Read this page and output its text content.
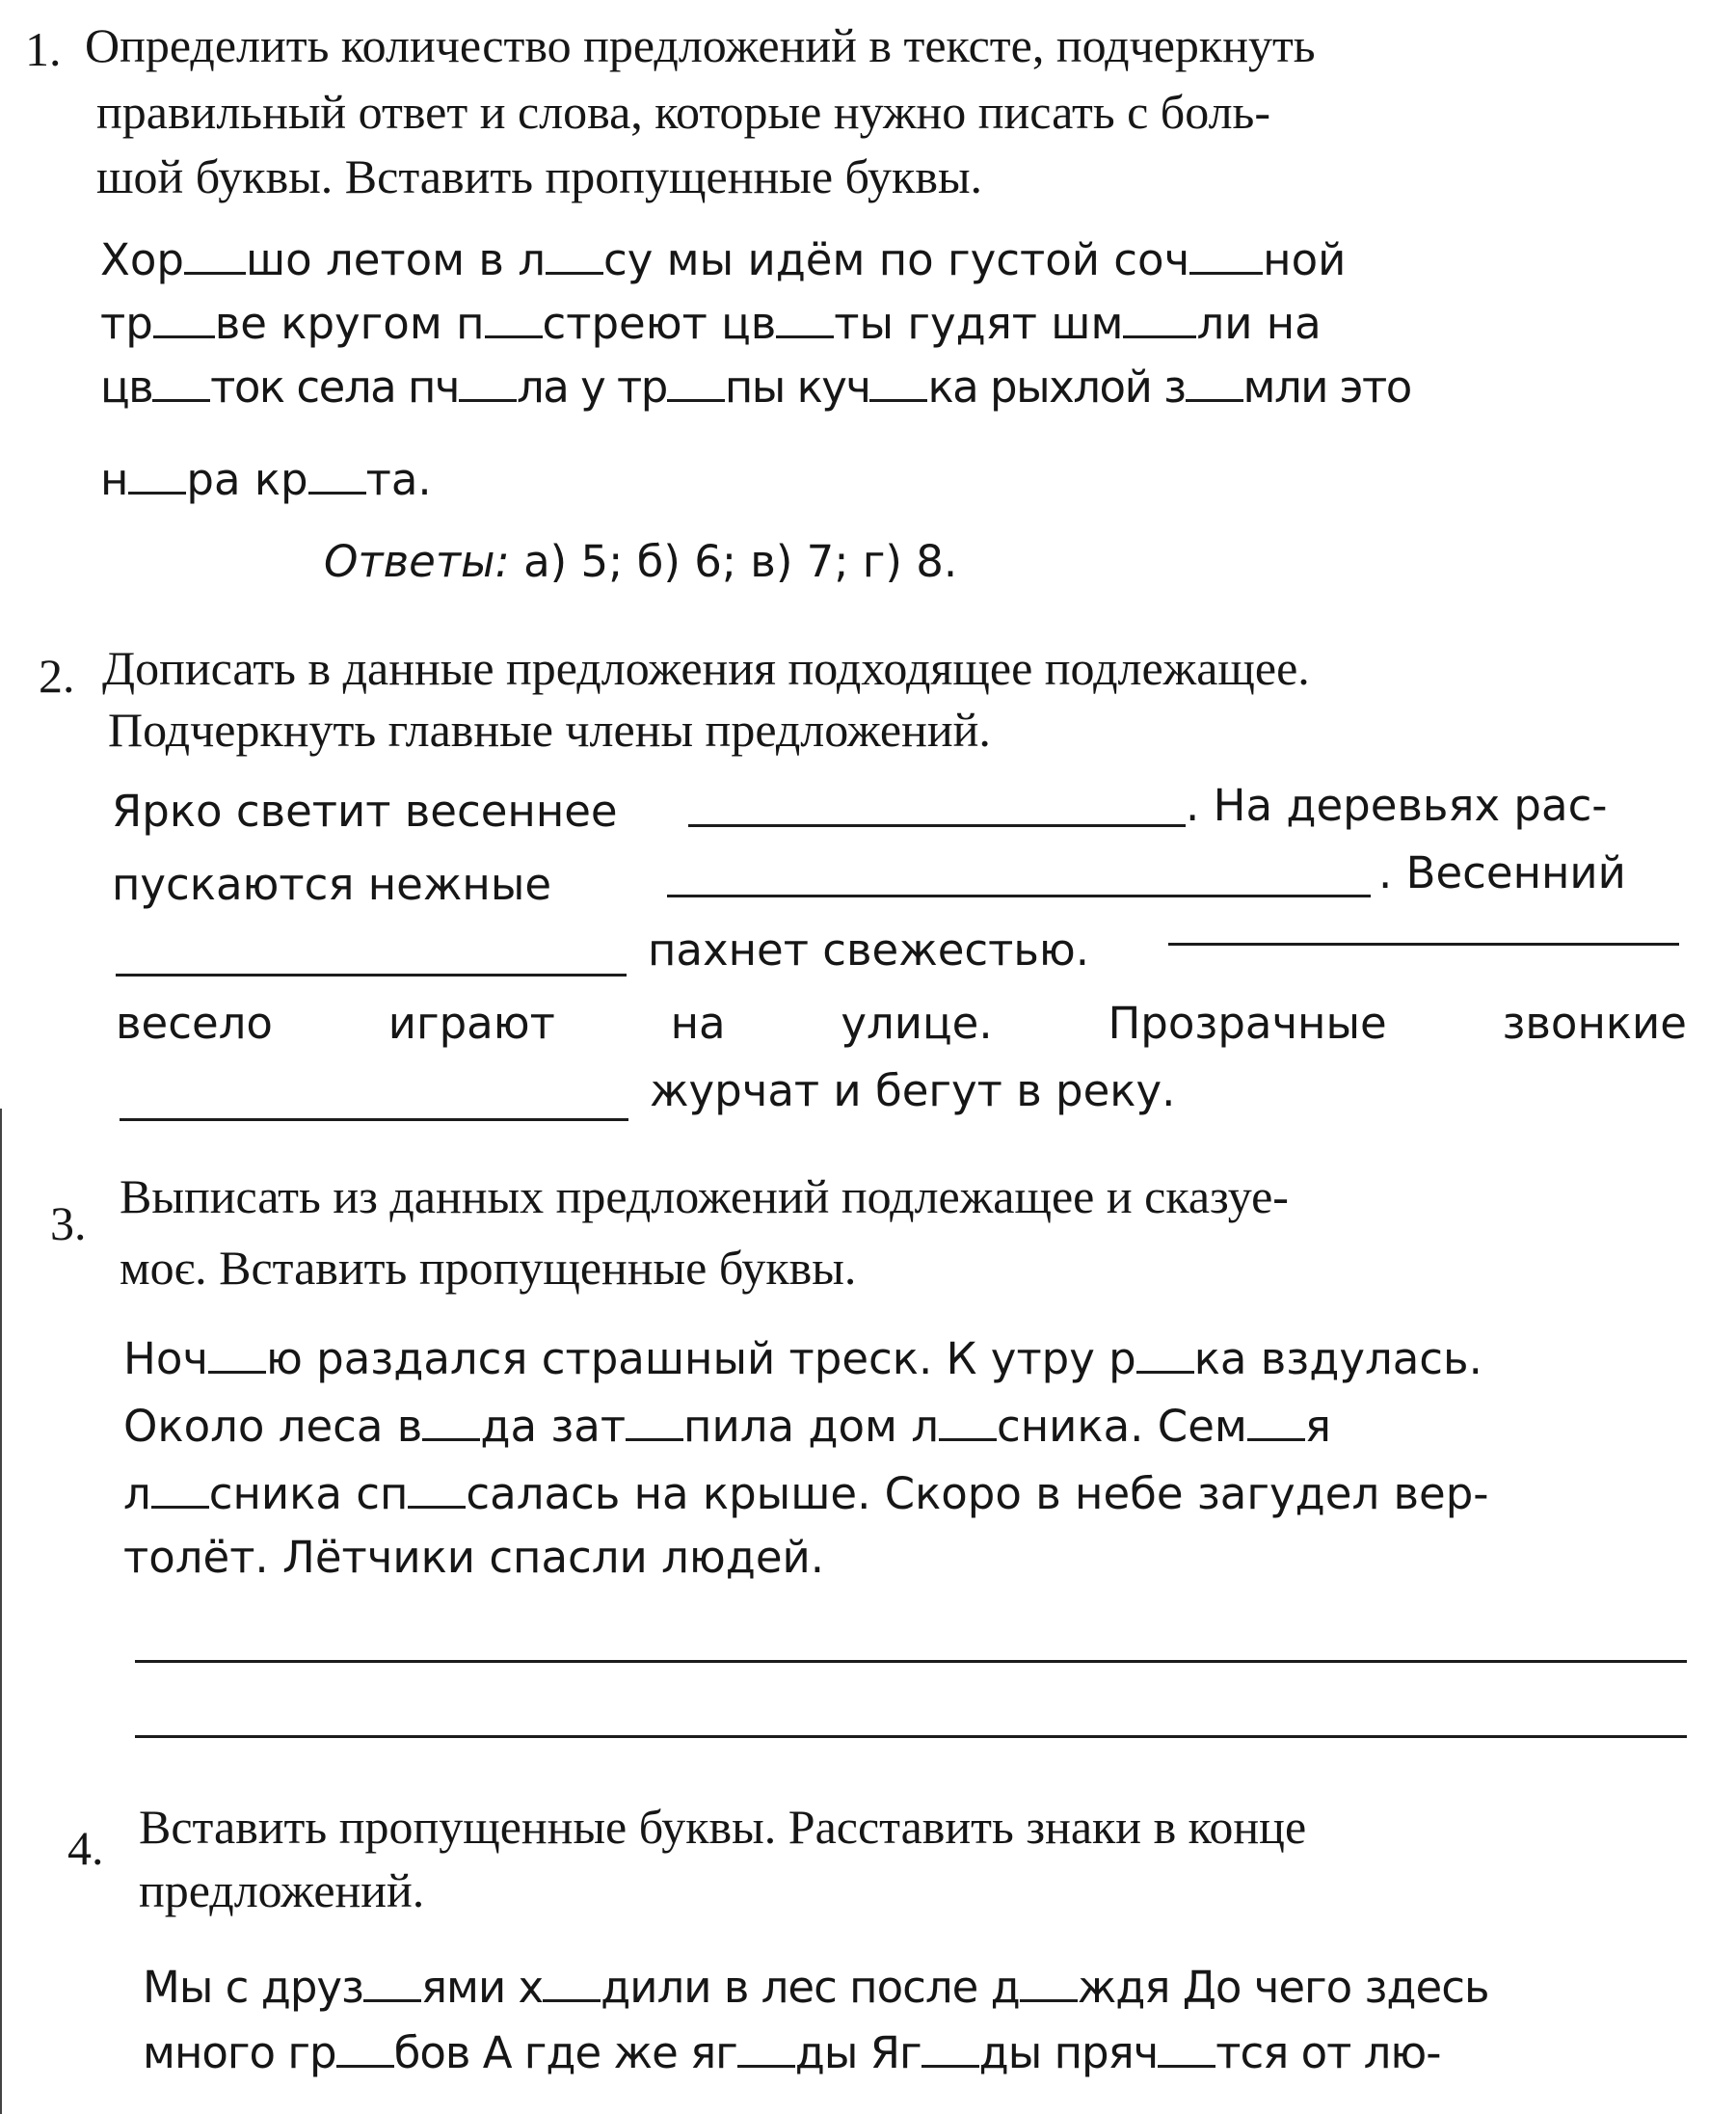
1. Определить количество предложений в тексте, подчеркнуть
правильный ответ и слова, которые нужно писать с боль-
шой буквы. Вставить пропущенные буквы.
Хор шо летом в л су мы идём по густой соч ной
тр ве кругом п стреют цв ты гудят шм ли на
цв ток села пч ла у тр пы куч ка рыхлой з мли это
н ра кр та.
Ответы: а) 5; б) 6; в) 7; г) 8.
2. Дописать в данные предложения подходящее подлежащее.
Подчеркнуть главные члены предложений.
Ярко светит весеннее	. На деревьях рас-
пускаются нежные	. Весенний
пахнет свежестью.
весело	играют	на	улице.	Прозрачные	звонкие
журчат и бегут в реку.
3. Выписать из данных предложений подлежащее и сказуе-
моє. Вставить пропущенные буквы.
Ноч ю раздался страшный треск. К утру р ка вздулась.
Около леса в да зат пила дом л сника. Сем я
л сника сп салась на крыше. Скоро в небе загудел вер-
толёт. Лётчики спасли людей.
4. Вставить пропущенные буквы. Расставить знаки в конце
предложений.
Мы с друз ями х дили в лес после д ждя До чего здесь
много гр бов А где же яг ды Яг ды пряч тся от лю-
